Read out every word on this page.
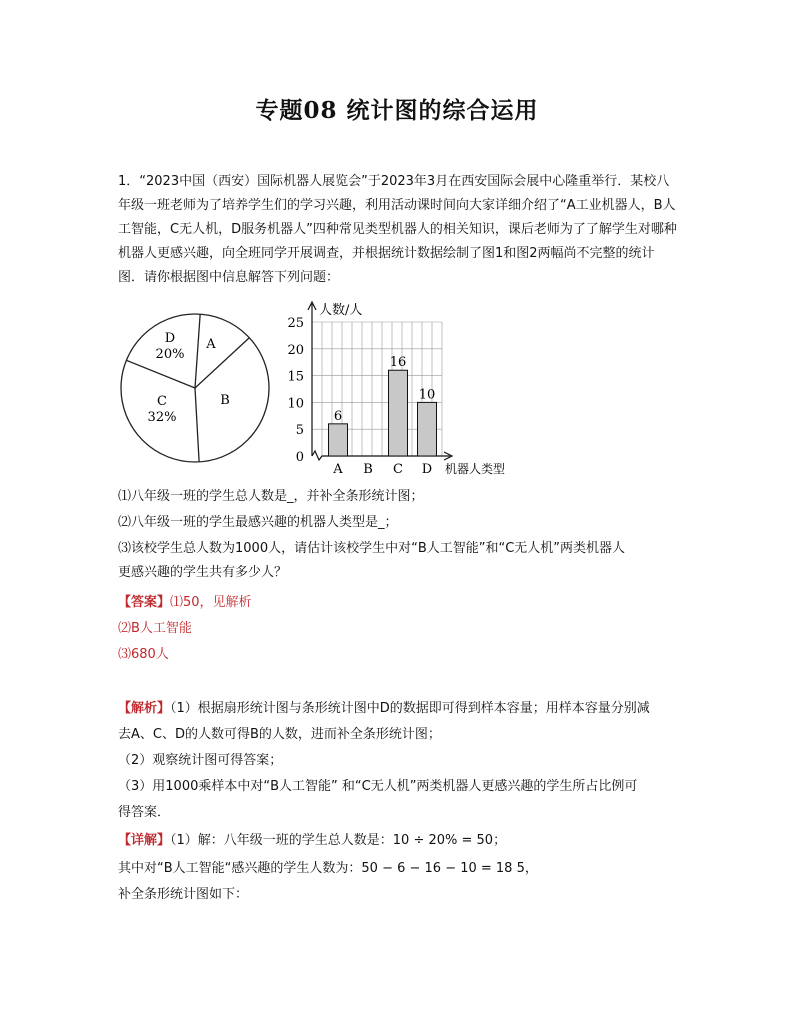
专题08 统计图的综合运用
1．“2023中国（西安）国际机器人展览会”于2023年3月在西安国际会展中心隆重举行．某校八年级一班老师为了培养学生们的学习兴趣，利用活动课时间向大家详细介绍了“A工业机器人，B人工智能，C无人机，D服务机器人”四种常见类型机器人的相关知识，课后老师为了了解学生对哪种机器人更感兴趣，向全班同学开展调查，并根据统计数据绘制了图1和图2两幅尚不完整的统计图．请你根据图中信息解答下列问题：
D
20%
A
B
C
32%
0
5
10
15
20
25
6
16
10
A B C D
人数/人
机器人类型
⑴八年级一班的学生总人数是_，并补全条形统计图；
⑵八年级一班的学生最感兴趣的机器人类型是_；
⑶该校学生总人数为1000人，请估计该校学生中对“B人工智能”和“C无人机”两类机器人
更感兴趣的学生共有多少人？
【答案】⑴50，见解析
⑵B人工智能
⑶680人
【解析】（1）根据扇形统计图与条形统计图中D的数据即可得到样本容量；用样本容量分别减
去A、C、D的人数可得B的人数，进而补全条形统计图；
（2）观察统计图可得答案；
（3）用1000乘样本中对“B人工智能” 和“C无人机”两类机器人更感兴趣的学生所占比例可
得答案．
【详解】（1）解：八年级一班的学生总人数是：10 ÷ 20% = 50；
其中对“B人工智能“感兴趣的学生人数为：50 − 6 − 16 − 10 = 18 5，
补全条形统计图如下：
